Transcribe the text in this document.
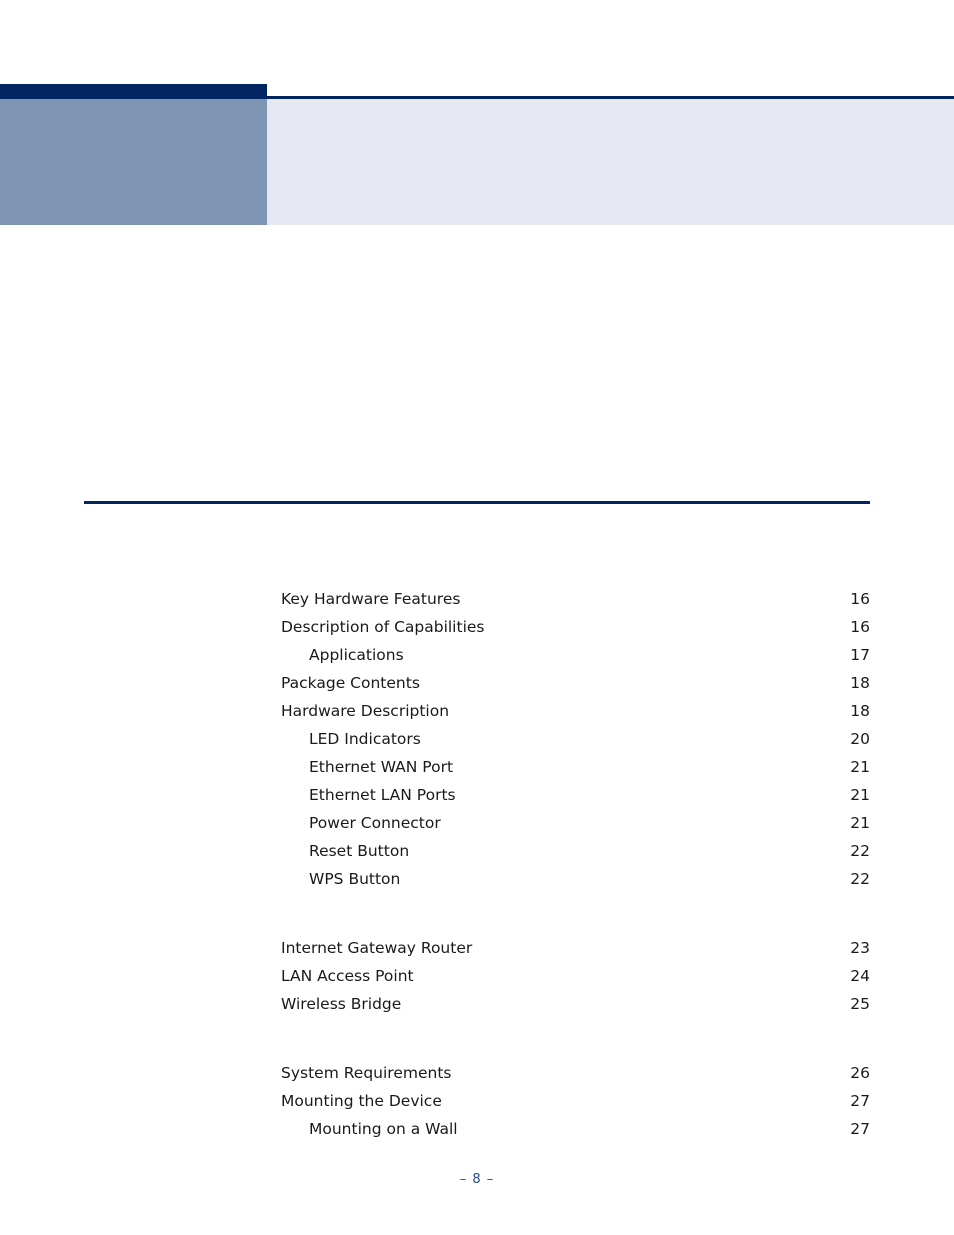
Key Hardware Features	16
Description of Capabilities	16
Applications	17
Package Contents	18
Hardware Description	18
LED Indicators	20
Ethernet WAN Port	21
Ethernet LAN Ports	21
Power Connector	21
Reset Button	22
WPS Button	22
Internet Gateway Router	23
LAN Access Point	24
Wireless Bridge	25
System Requirements	26
Mounting the Device	27
Mounting on a Wall	27
– 8 –
